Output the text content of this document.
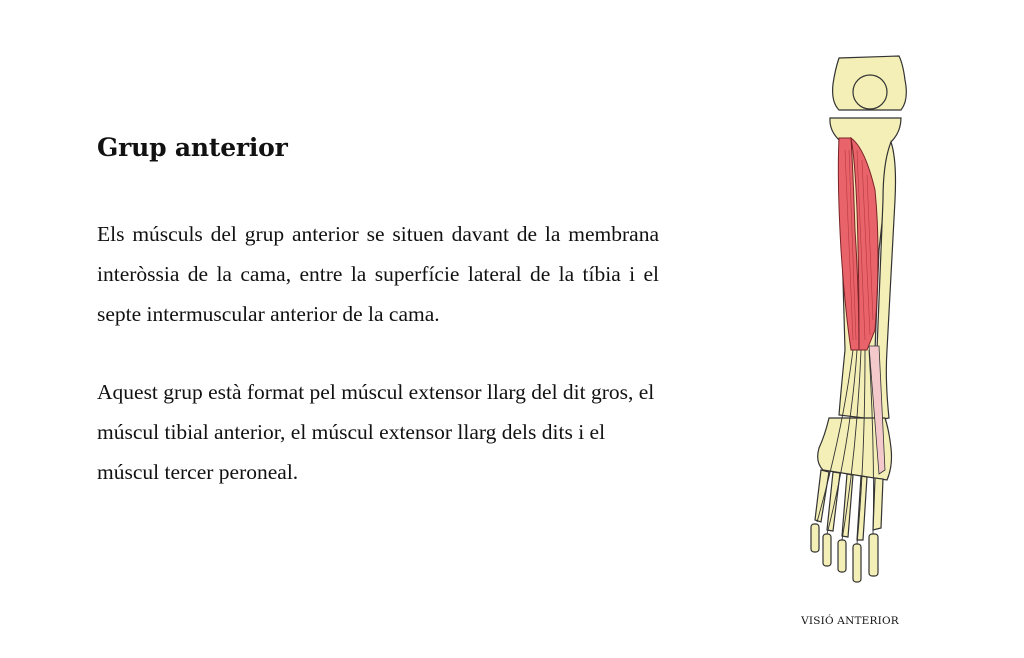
Grup anterior

Els músculs del grup anterior se situen davant de la membrana interòssia de la cama, entre la superfície lateral de la tíbia i el septe intermuscular anterior de la cama.

Aquest grup està format pel múscul extensor llarg del dit gros, el múscul tibial anterior, el múscul extensor llarg dels dits i el múscul tercer peroneal.

VISIÓ ANTERIOR
